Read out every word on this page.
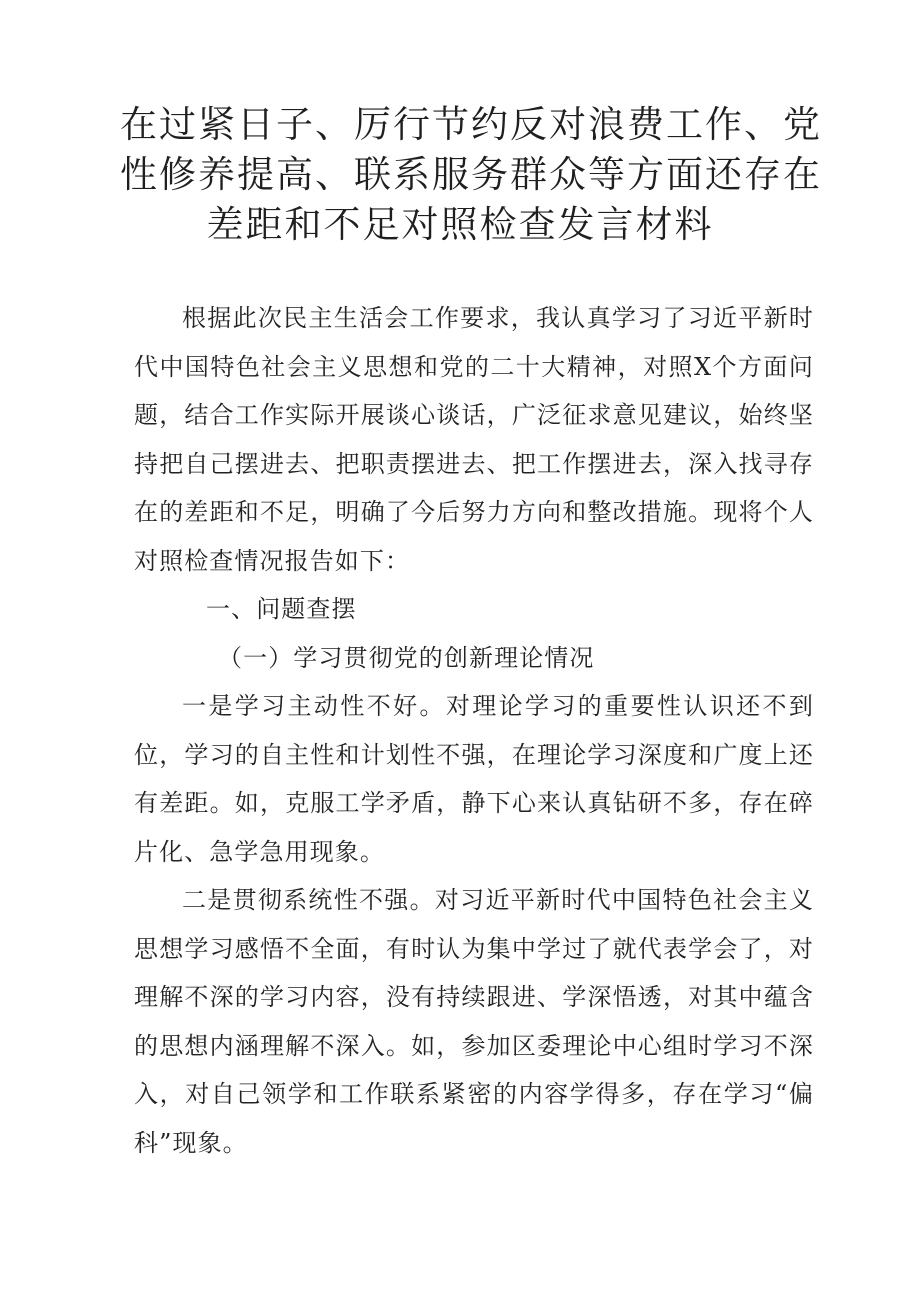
在过紧日子、厉行节约反对浪费工作、党
性修养提高、联系服务群众等方面还存在
差距和不足对照检查发言材料

根据此次民主生活会工作要求，我认真学习了习近平新时代中国特色社会主义思想和党的二十大精神，对照X个方面问题，结合工作实际开展谈心谈话，广泛征求意见建议，始终坚持把自己摆进去、把职责摆进去、把工作摆进去，深入找寻存在的差距和不足，明确了今后努力方向和整改措施。现将个人对照检查情况报告如下：

一、问题查摆

（一）学习贯彻党的创新理论情况

一是学习主动性不好。对理论学习的重要性认识还不到位，学习的自主性和计划性不强，在理论学习深度和广度上还有差距。如，克服工学矛盾，静下心来认真钻研不多，存在碎片化、急学急用现象。

二是贯彻系统性不强。对习近平新时代中国特色社会主义思想学习感悟不全面，有时认为集中学过了就代表学会了，对理解不深的学习内容，没有持续跟进、学深悟透，对其中蕴含的思想内涵理解不深入。如，参加区委理论中心组时学习不深入，对自己领学和工作联系紧密的内容学得多，存在学习“偏科”现象。
